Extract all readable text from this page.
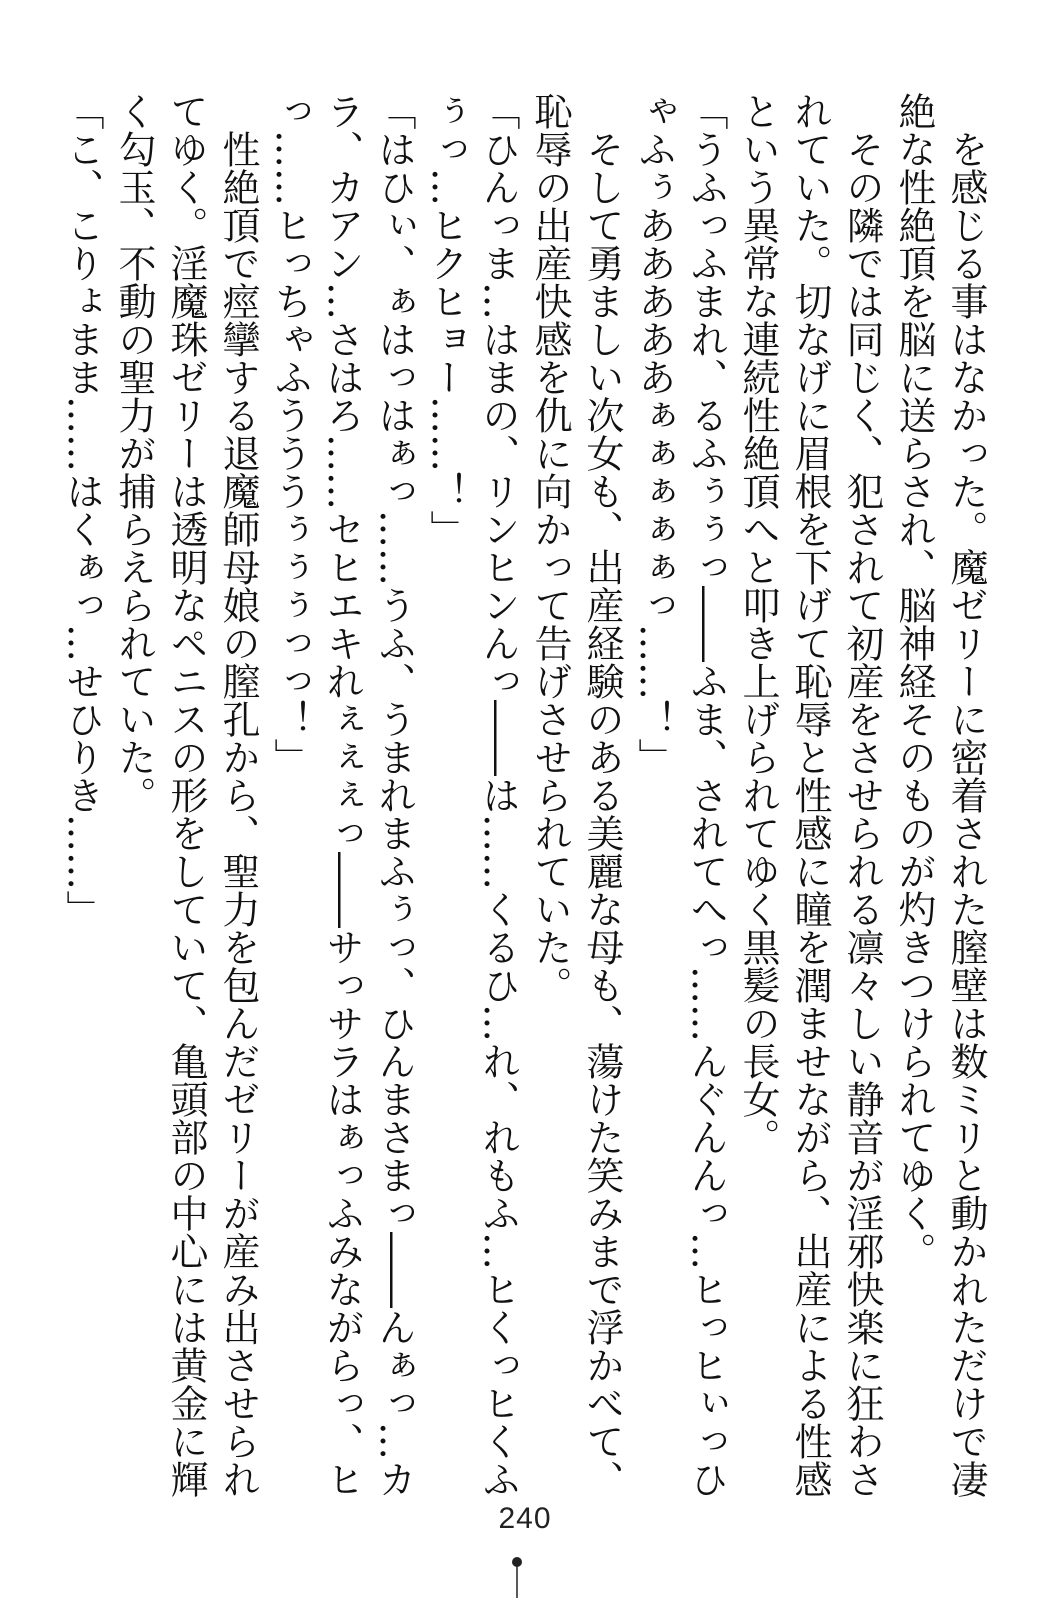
を感じる事はなかった。魔ゼリーに密着された膣壁は数ミリと動かれただけで凄絶な性絶頂を脳に送らされ、脳神経そのものが灼きつけられてゆく。

その隣では同じく、犯されて初産をさせられる凛々しい静音が淫邪快楽に狂わされていた。切なげに眉根を下げて恥辱と性感に瞳を潤ませながら、出産による性感という異常な連続性絶頂へと叩き上げられてゆく黒髪の長女。

「うふっふまれ、るふぅぅっ――ふま、されてへっ……んぐんんっ…ヒっヒぃっひゃふぅあああああぁぁぁぁぁっ……！」

そして勇ましい次女も、出産経験のある美麗な母も、蕩けた笑みまで浮かべて、恥辱の出産快感を仇に向かって告げさせられていた。

「ひんっま…はまの、リンヒンんっ――は……くるひ…れ、れもふ…ヒくっヒくふぅっ…ヒクヒョー……！」

「はひぃ、ぁはっはぁっ……うふ、うまれまふぅっ、ひんまさまっ――んぁっ…カラ、カアン…さはろ……セヒエキれぇぇぇっ――サっサラはぁっふみながらっ、ヒっ……ヒっちゃふうううぅぅぅっっ！」

性絶頂で痙攣する退魔師母娘の膣孔から、聖力を包んだゼリーが産み出させられてゆく。淫魔珠ゼリーは透明なペニスの形をしていて、亀頭部の中心には黄金に輝く勾玉、不動の聖力が捕らえられていた。

「こ、こりょまま……はくぁっ…せひりき……」

240
